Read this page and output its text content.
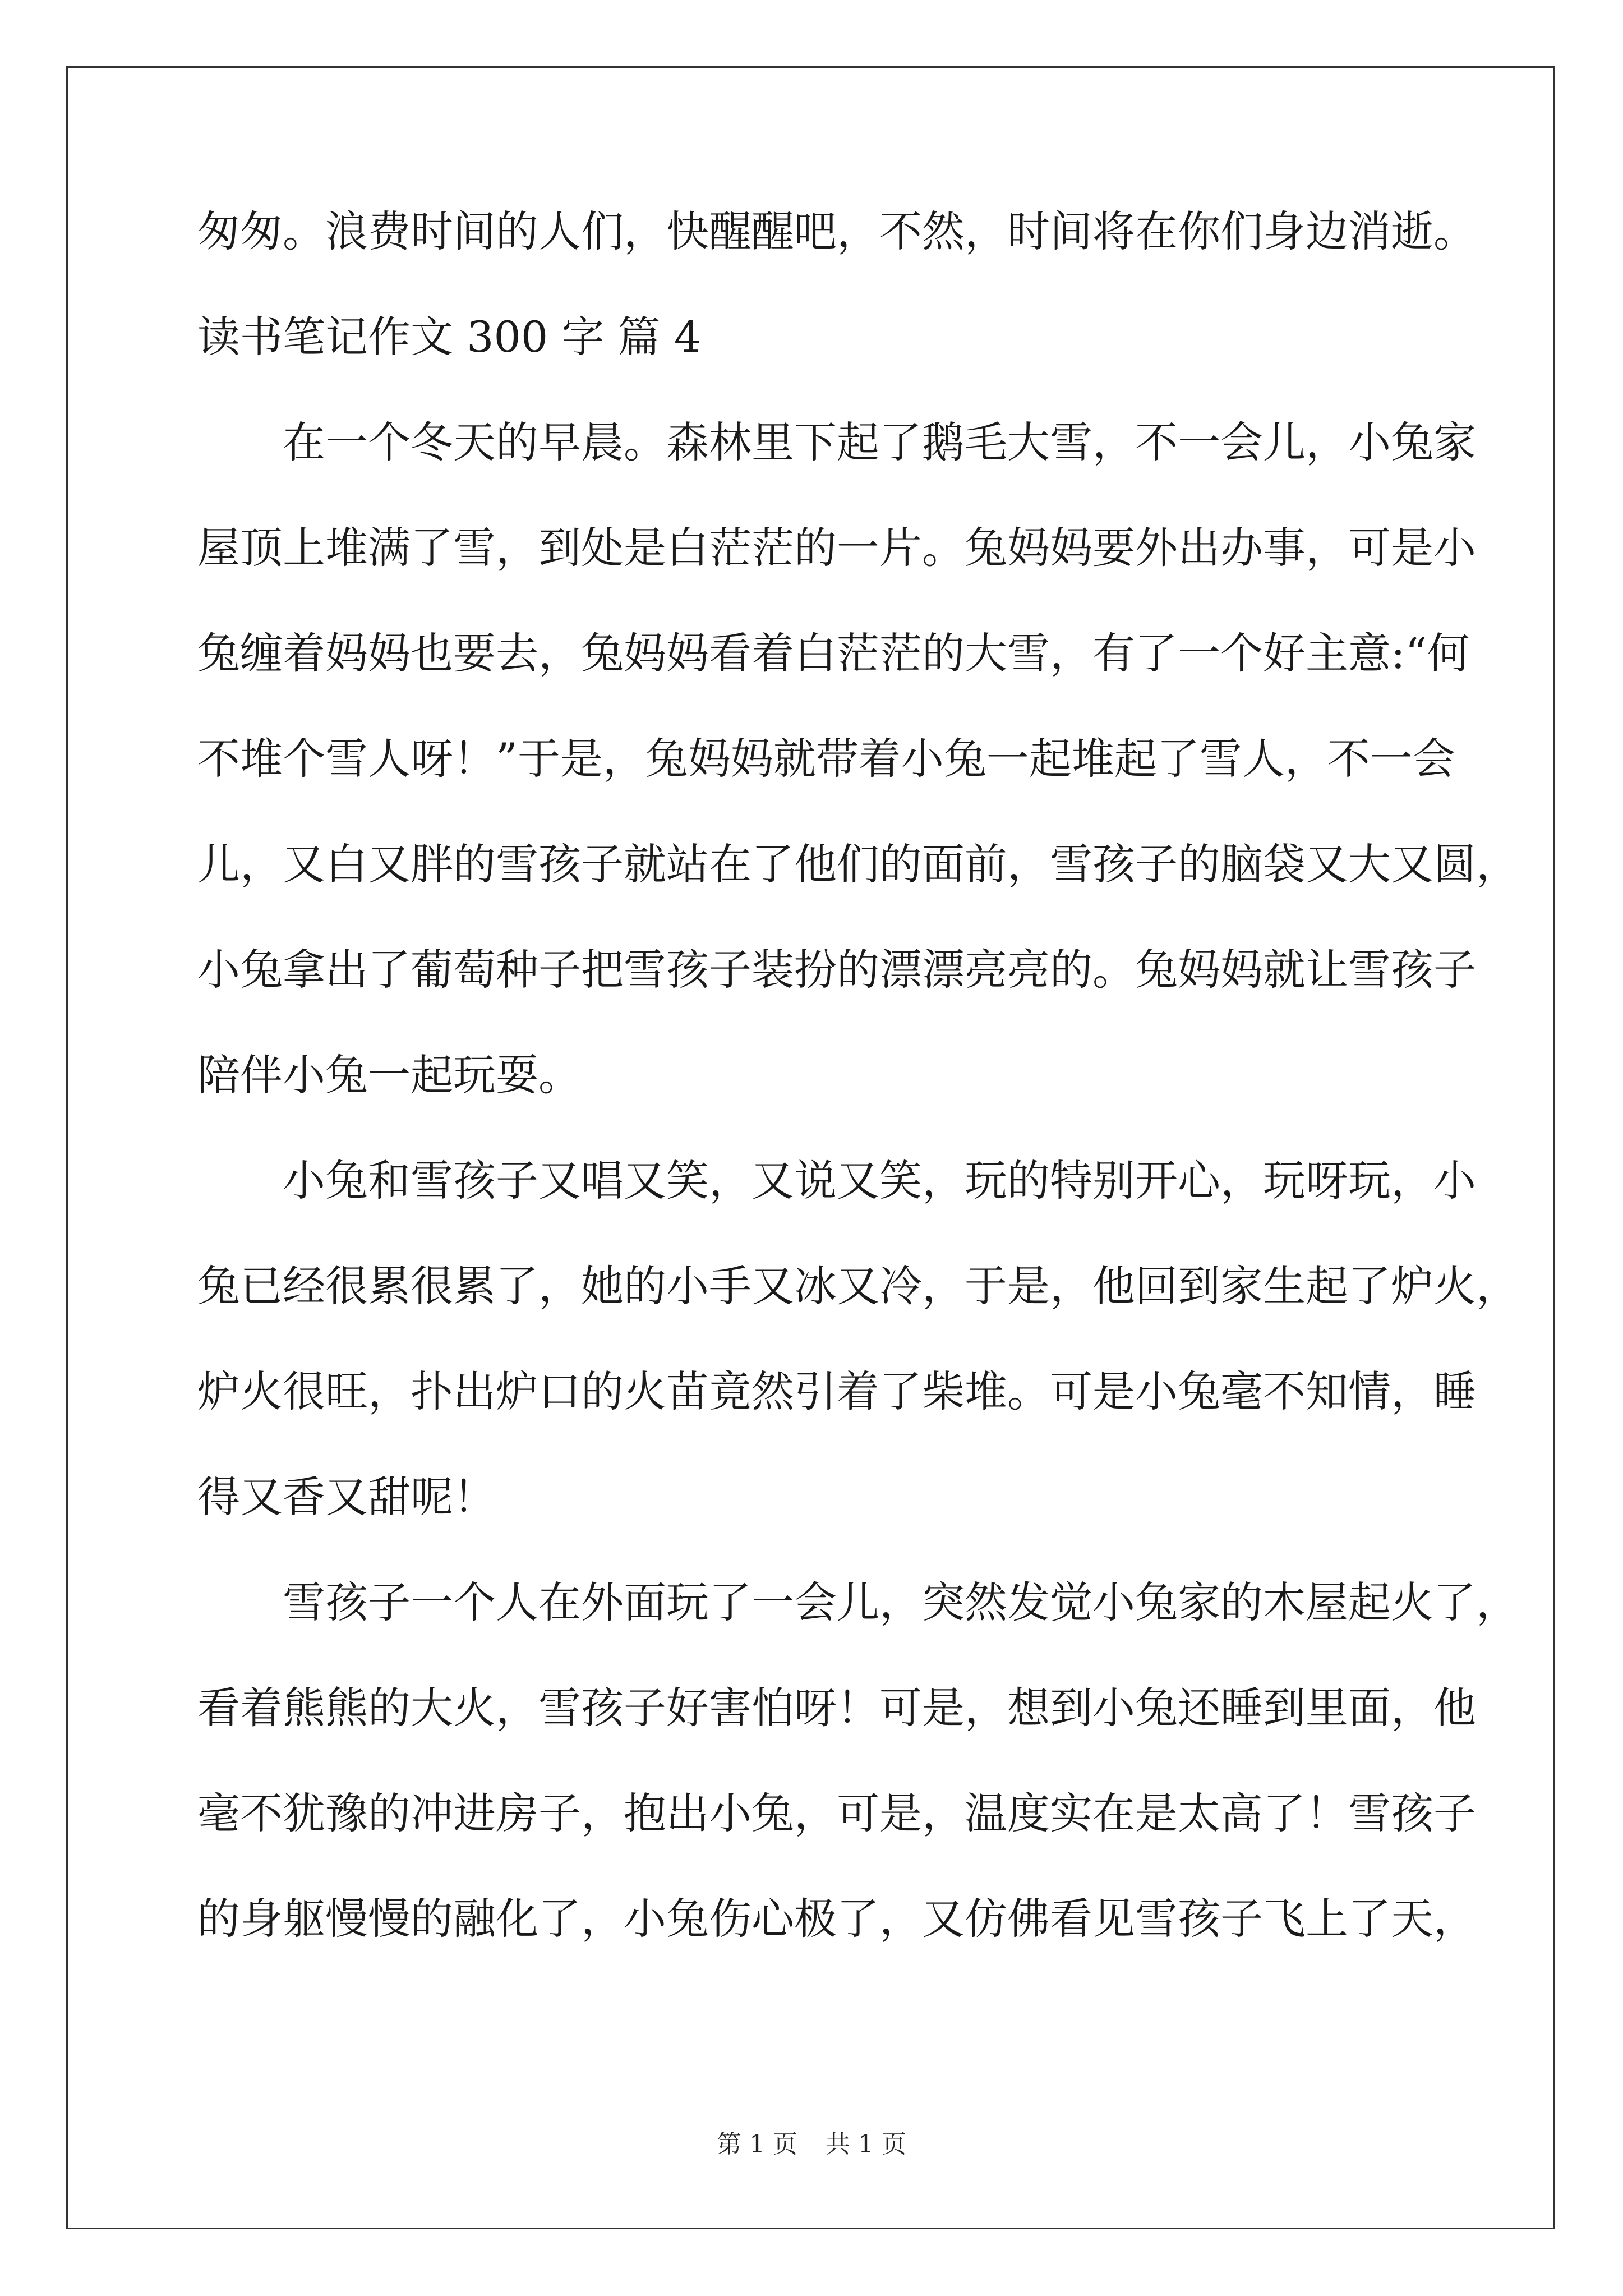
匆匆。浪费时间的人们，快醒醒吧，不然，时间将在你们身边消逝。
读书笔记作文 300 字 篇 4
在一个冬天的早晨。森林里下起了鹅毛大雪，不一会儿，小兔家
屋顶上堆满了雪，到处是白茫茫的一片。兔妈妈要外出办事，可是小
兔缠着妈妈也要去，兔妈妈看着白茫茫的大雪，有了一个好主意:“何
不堆个雪人呀！”于是，兔妈妈就带着小兔一起堆起了雪人，不一会
儿，又白又胖的雪孩子就站在了他们的面前，雪孩子的脑袋又大又圆，
小兔拿出了葡萄种子把雪孩子装扮的漂漂亮亮的。兔妈妈就让雪孩子
陪伴小兔一起玩耍。
小兔和雪孩子又唱又笑，又说又笑，玩的特别开心，玩呀玩，小
兔已经很累很累了，她的小手又冰又冷，于是，他回到家生起了炉火，
炉火很旺，扑出炉口的火苗竟然引着了柴堆。可是小兔毫不知情，睡
得又香又甜呢！
雪孩子一个人在外面玩了一会儿，突然发觉小兔家的木屋起火了，
看着熊熊的大火，雪孩子好害怕呀！可是，想到小兔还睡到里面，他
毫不犹豫的冲进房子，抱出小兔，可是，温度实在是太高了！雪孩子
的身躯慢慢的融化了，小兔伤心极了，又仿佛看见雪孩子飞上了天，
第 1 页 共 1 页
